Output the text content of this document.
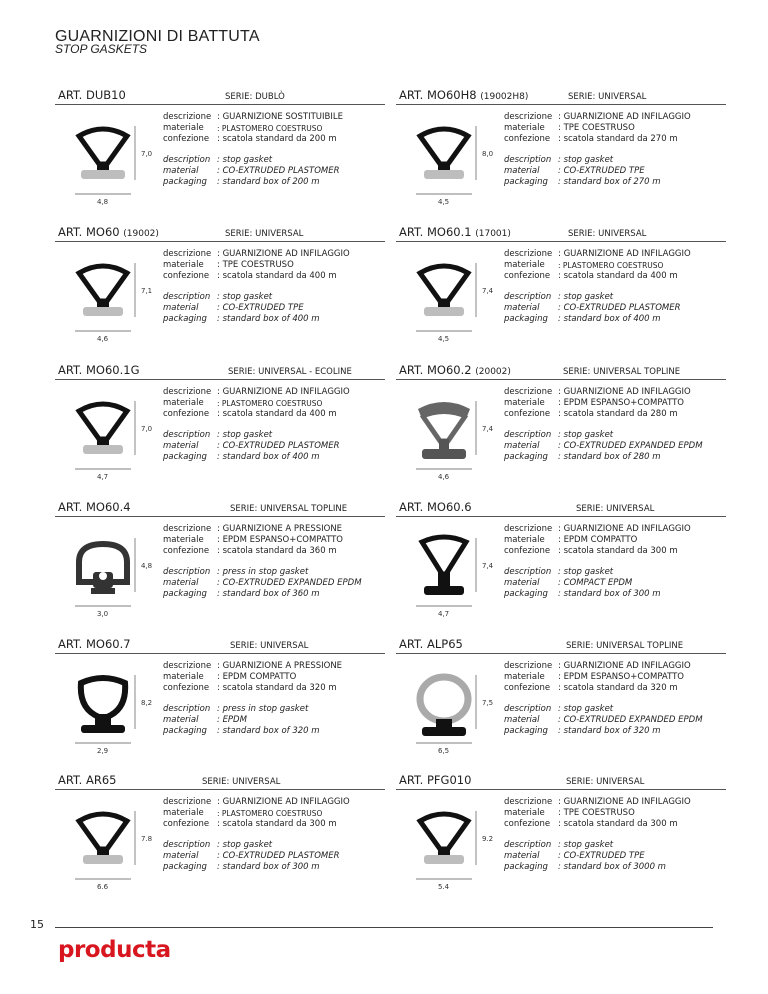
GUARNIZIONI DI BATTUTA
STOP GASKETS
ART. DUB10	SERIE: DUBLÒ
7,0
4,8
descrizione : GUARNIZIONE SOSTITUIBILE
materiale	: PLASTOMERO COESTRUSO
confezione : scatola standard da 200 m
description : stop gasket
material	: CO-EXTRUDED PLASTOMER
packaging	: standard box of 200 m
ART. MO60H8 (19002H8)	SERIE: UNIVERSAL
8,0
4,5
descrizione : GUARNIZIONE AD INFILAGGIO
materiale	: TPE COESTRUSO
confezione : scatola standard da 270 m
description : stop gasket
material	: CO-EXTRUDED TPE
packaging	: standard box of 270 m
ART. MO60 (19002)	SERIE: UNIVERSAL
7,1
4,6
descrizione : GUARNIZIONE AD INFILAGGIO
materiale	: TPE COESTRUSO
confezione : scatola standard da 400 m
description : stop gasket
material	: CO-EXTRUDED TPE
packaging	: standard box of 400 m
ART. MO60.1 (17001)	SERIE: UNIVERSAL
7,4
4,5
descrizione : GUARNIZIONE AD INFILAGGIO
materiale	: PLASTOMERO COESTRUSO
confezione : scatola standard da 400 m
description : stop gasket
material	: CO-EXTRUDED PLASTOMER
packaging	: standard box of 400 m
ART. MO60.1G	SERIE: UNIVERSAL - ECOLINE
7,0
4,7
descrizione : GUARNIZIONE AD INFILAGGIO
materiale	: PLASTOMERO COESTRUSO
confezione : scatola standard da 400 m
description : stop gasket
material	: CO-EXTRUDED PLASTOMER
packaging	: standard box of 400 m
ART. MO60.2 (20002)	SERIE: UNIVERSAL TOPLINE
7,4
4,6
descrizione : GUARNIZIONE AD INFILAGGIO
materiale	: EPDM ESPANSO+COMPATTO
confezione : scatola standard da 280 m
description : stop gasket
material	: CO-EXTRUDED EXPANDED EPDM
packaging	: standard box of 280 m
ART. MO60.4	SERIE: UNIVERSAL TOPLINE
4,8
3,0
descrizione : GUARNIZIONE A PRESSIONE
materiale	: EPDM ESPANSO+COMPATTO
confezione : scatola standard da 360 m
description : press in stop gasket
material	: CO-EXTRUDED EXPANDED EPDM
packaging	: standard box of 360 m
ART. MO60.6	SERIE: UNIVERSAL
7,4
4,7
descrizione : GUARNIZIONE AD INFILAGGIO
materiale	: EPDM COMPATTO
confezione : scatola standard da 300 m
description : stop gasket
material	: COMPACT EPDM
packaging	: standard box of 300 m
ART. MO60.7	SERIE: UNIVERSAL
8,2
2,9
descrizione : GUARNIZIONE A PRESSIONE
materiale	: EPDM COMPATTO
confezione : scatola standard da 320 m
description : press in stop gasket
material	: EPDM
packaging	: standard box of 320 m
ART. ALP65	SERIE: UNIVERSAL TOPLINE
7,5
6,5
descrizione : GUARNIZIONE AD INFILAGGIO
materiale	: EPDM ESPANSO+COMPATTO
confezione : scatola standard da 320 m
description : stop gasket
material	: CO-EXTRUDED EXPANDED EPDM
packaging	: standard box of 320 m
ART. AR65	SERIE: UNIVERSAL
7.8
6.6
descrizione : GUARNIZIONE AD INFILAGGIO
materiale	: PLASTOMERO COESTRUSO
confezione : scatola standard da 300 m
description : stop gasket
material	: CO-EXTRUDED PLASTOMER
packaging	: standard box of 300 m
ART. PFG010	SERIE: UNIVERSAL
9.2
5.4
descrizione : GUARNIZIONE AD INFILAGGIO
materiale	: TPE COESTRUSO
confezione : scatola standard da 300 m
description : stop gasket
material	: CO-EXTRUDED TPE
packaging	: standard box of 3000 m
15
producta
